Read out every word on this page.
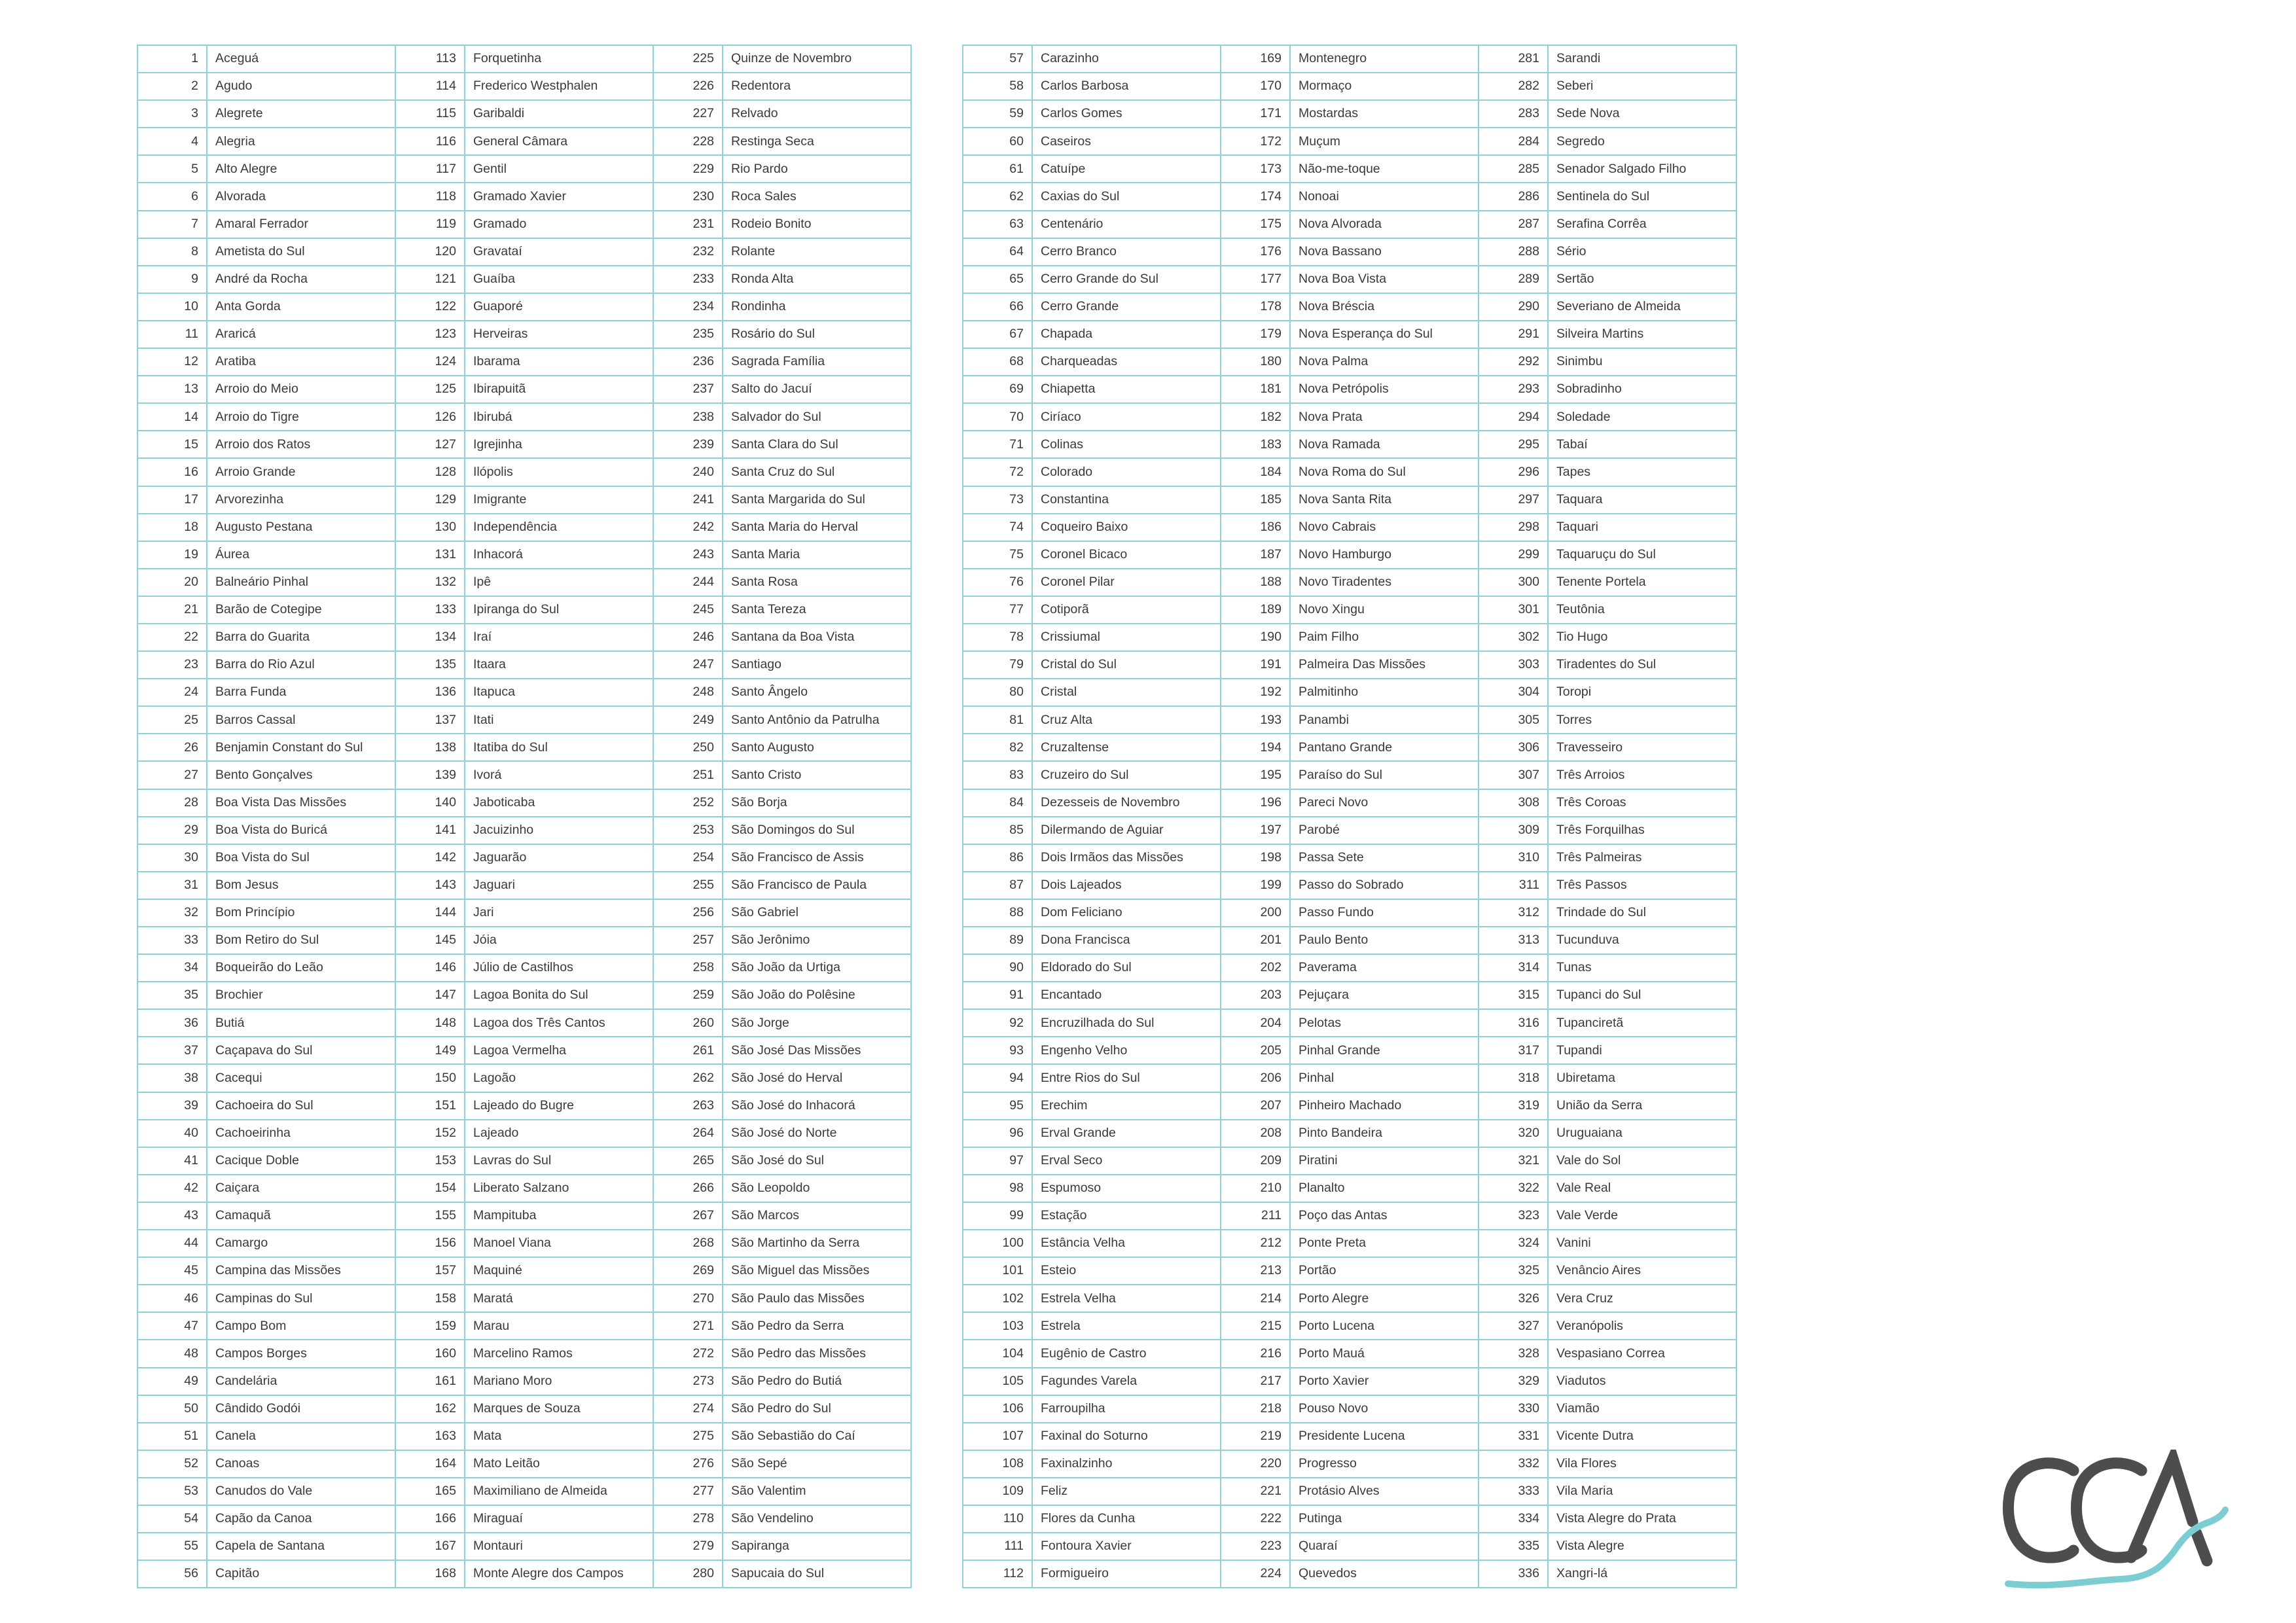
1	Aceguá	113	Forquetinha	225	Quinze de Novembro
2	Agudo	114	Frederico Westphalen	226	Redentora
3	Alegrete	115	Garibaldi	227	Relvado
4	Alegria	116	General Câmara	228	Restinga Seca
5	Alto Alegre	117	Gentil	229	Rio Pardo
6	Alvorada	118	Gramado Xavier	230	Roca Sales
7	Amaral Ferrador	119	Gramado	231	Rodeio Bonito
8	Ametista do Sul	120	Gravataí	232	Rolante
9	André da Rocha	121	Guaíba	233	Ronda Alta
10	Anta Gorda	122	Guaporé	234	Rondinha
11	Araricá	123	Herveiras	235	Rosário do Sul
12	Aratiba	124	Ibarama	236	Sagrada Família
13	Arroio do Meio	125	Ibirapuitã	237	Salto do Jacuí
14	Arroio do Tigre	126	Ibirubá	238	Salvador do Sul
15	Arroio dos Ratos	127	Igrejinha	239	Santa Clara do Sul
16	Arroio Grande	128	Ilópolis	240	Santa Cruz do Sul
17	Arvorezinha	129	Imigrante	241	Santa Margarida do Sul
18	Augusto Pestana	130	Independência	242	Santa Maria do Herval
19	Áurea	131	Inhacorá	243	Santa Maria
20	Balneário Pinhal	132	Ipê	244	Santa Rosa
21	Barão de Cotegipe	133	Ipiranga do Sul	245	Santa Tereza
22	Barra do Guarita	134	Iraí	246	Santana da Boa Vista
23	Barra do Rio Azul	135	Itaara	247	Santiago
24	Barra Funda	136	Itapuca	248	Santo Ângelo
25	Barros Cassal	137	Itati	249	Santo Antônio da Patrulha
26	Benjamin Constant do Sul	138	Itatiba do Sul	250	Santo Augusto
27	Bento Gonçalves	139	Ivorá	251	Santo Cristo
28	Boa Vista Das Missões	140	Jaboticaba	252	São Borja
29	Boa Vista do Buricá	141	Jacuizinho	253	São Domingos do Sul
30	Boa Vista do Sul	142	Jaguarão	254	São Francisco de Assis
31	Bom Jesus	143	Jaguari	255	São Francisco de Paula
32	Bom Princípio	144	Jari	256	São Gabriel
33	Bom Retiro do Sul	145	Jóia	257	São Jerônimo
34	Boqueirão do Leão	146	Júlio de Castilhos	258	São João da Urtiga
35	Brochier	147	Lagoa Bonita do Sul	259	São João do Polêsine
36	Butiá	148	Lagoa dos Três Cantos	260	São Jorge
37	Caçapava do Sul	149	Lagoa Vermelha	261	São José Das Missões
38	Cacequi	150	Lagoão	262	São José do Herval
39	Cachoeira do Sul	151	Lajeado do Bugre	263	São José do Inhacorá
40	Cachoeirinha	152	Lajeado	264	São José do Norte
41	Cacique Doble	153	Lavras do Sul	265	São José do Sul
42	Caiçara	154	Liberato Salzano	266	São Leopoldo
43	Camaquã	155	Mampituba	267	São Marcos
44	Camargo	156	Manoel Viana	268	São Martinho da Serra
45	Campina das Missões	157	Maquiné	269	São Miguel das Missões
46	Campinas do Sul	158	Maratá	270	São Paulo das Missões
47	Campo Bom	159	Marau	271	São Pedro da Serra
48	Campos Borges	160	Marcelino Ramos	272	São Pedro das Missões
49	Candelária	161	Mariano Moro	273	São Pedro do Butiá
50	Cândido Godói	162	Marques de Souza	274	São Pedro do Sul
51	Canela	163	Mata	275	São Sebastião do Caí
52	Canoas	164	Mato Leitão	276	São Sepé
53	Canudos do Vale	165	Maximiliano de Almeida	277	São Valentim
54	Capão da Canoa	166	Miraguaí	278	São Vendelino
55	Capela de Santana	167	Montauri	279	Sapiranga
56	Capitão	168	Monte Alegre dos Campos	280	Sapucaia do Sul
57	Carazinho	169	Montenegro	281	Sarandi
58	Carlos Barbosa	170	Mormaço	282	Seberi
59	Carlos Gomes	171	Mostardas	283	Sede Nova
60	Caseiros	172	Muçum	284	Segredo
61	Catuípe	173	Não-me-toque	285	Senador Salgado Filho
62	Caxias do Sul	174	Nonoai	286	Sentinela do Sul
63	Centenário	175	Nova Alvorada	287	Serafina Corrêa
64	Cerro Branco	176	Nova Bassano	288	Sério
65	Cerro Grande do Sul	177	Nova Boa Vista	289	Sertão
66	Cerro Grande	178	Nova Bréscia	290	Severiano de Almeida
67	Chapada	179	Nova Esperança do Sul	291	Silveira Martins
68	Charqueadas	180	Nova Palma	292	Sinimbu
69	Chiapetta	181	Nova Petrópolis	293	Sobradinho
70	Ciríaco	182	Nova Prata	294	Soledade
71	Colinas	183	Nova Ramada	295	Tabaí
72	Colorado	184	Nova Roma do Sul	296	Tapes
73	Constantina	185	Nova Santa Rita	297	Taquara
74	Coqueiro Baixo	186	Novo Cabrais	298	Taquari
75	Coronel Bicaco	187	Novo Hamburgo	299	Taquaruçu do Sul
76	Coronel Pilar	188	Novo Tiradentes	300	Tenente Portela
77	Cotiporã	189	Novo Xingu	301	Teutônia
78	Crissiumal	190	Paim Filho	302	Tio Hugo
79	Cristal do Sul	191	Palmeira Das Missões	303	Tiradentes do Sul
80	Cristal	192	Palmitinho	304	Toropi
81	Cruz Alta	193	Panambi	305	Torres
82	Cruzaltense	194	Pantano Grande	306	Travesseiro
83	Cruzeiro do Sul	195	Paraíso do Sul	307	Três Arroios
84	Dezesseis de Novembro	196	Pareci Novo	308	Três Coroas
85	Dilermando de Aguiar	197	Parobé	309	Três Forquilhas
86	Dois Irmãos das Missões	198	Passa Sete	310	Três Palmeiras
87	Dois Lajeados	199	Passo do Sobrado	311	Três Passos
88	Dom Feliciano	200	Passo Fundo	312	Trindade do Sul
89	Dona Francisca	201	Paulo Bento	313	Tucunduva
90	Eldorado do Sul	202	Paverama	314	Tunas
91	Encantado	203	Pejuçara	315	Tupanci do Sul
92	Encruzilhada do Sul	204	Pelotas	316	Tupanciretã
93	Engenho Velho	205	Pinhal Grande	317	Tupandi
94	Entre Rios do Sul	206	Pinhal	318	Ubiretama
95	Erechim	207	Pinheiro Machado	319	União da Serra
96	Erval Grande	208	Pinto Bandeira	320	Uruguaiana
97	Erval Seco	209	Piratini	321	Vale do Sol
98	Espumoso	210	Planalto	322	Vale Real
99	Estação	211	Poço das Antas	323	Vale Verde
100	Estância Velha	212	Ponte Preta	324	Vanini
101	Esteio	213	Portão	325	Venâncio Aires
102	Estrela Velha	214	Porto Alegre	326	Vera Cruz
103	Estrela	215	Porto Lucena	327	Veranópolis
104	Eugênio de Castro	216	Porto Mauá	328	Vespasiano Correa
105	Fagundes Varela	217	Porto Xavier	329	Viadutos
106	Farroupilha	218	Pouso Novo	330	Viamão
107	Faxinal do Soturno	219	Presidente Lucena	331	Vicente Dutra
108	Faxinalzinho	220	Progresso	332	Vila Flores
109	Feliz	221	Protásio Alves	333	Vila Maria
110	Flores da Cunha	222	Putinga	334	Vista Alegre do Prata
111	Fontoura Xavier	223	Quaraí	335	Vista Alegre
112	Formigueiro	224	Quevedos	336	Xangri-lá
